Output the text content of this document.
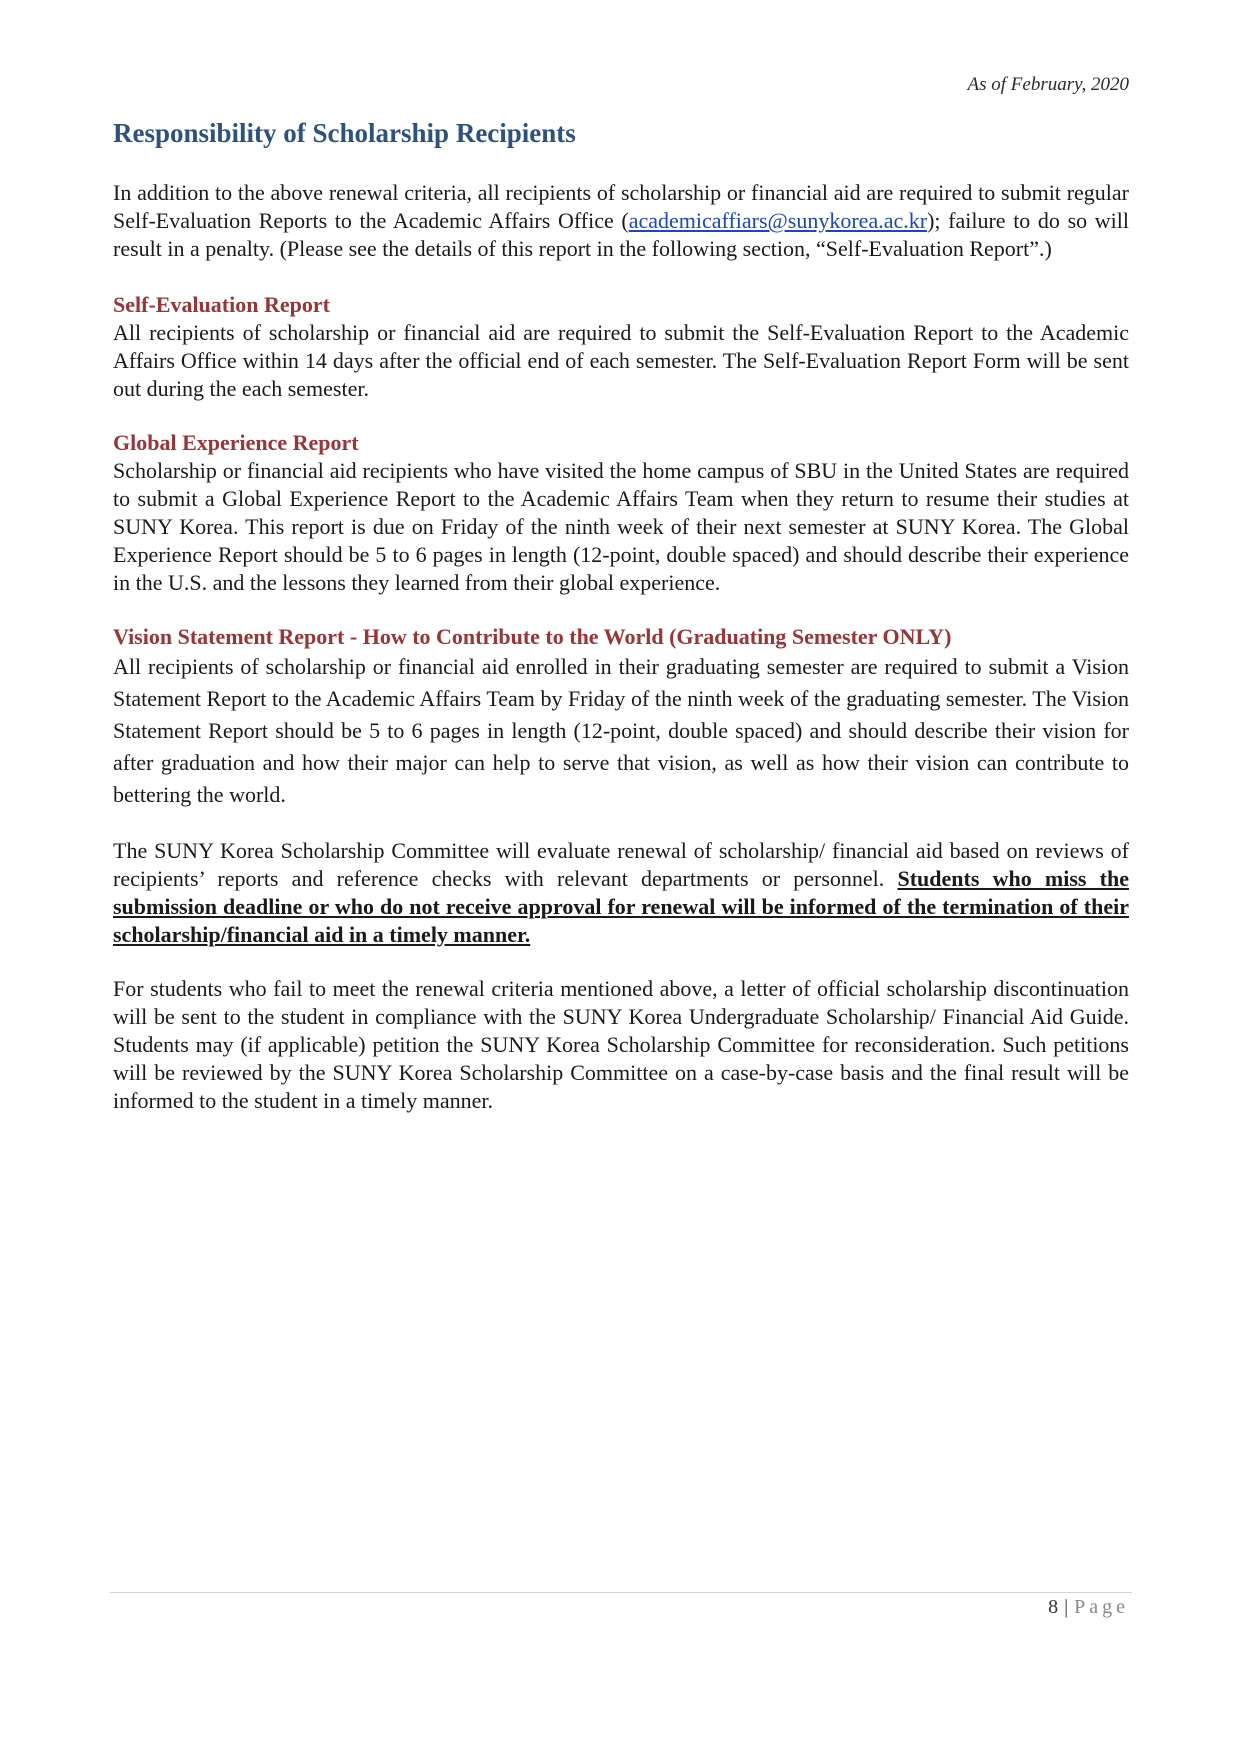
As of February, 2020
Responsibility of Scholarship Recipients

In addition to the above renewal criteria, all recipients of scholarship or financial aid are required to submit regular Self-Evaluation Reports to the Academic Affairs Office (academicaffiars@sunykorea.ac.kr); failure to do so will result in a penalty. (Please see the details of this report in the following section, “Self-Evaluation Report”.)

Self-Evaluation Report

All recipients of scholarship or financial aid are required to submit the Self-Evaluation Report to the Academic Affairs Office within 14 days after the official end of each semester. The Self-Evaluation Report Form will be sent out during the each semester.

Global Experience Report

Scholarship or financial aid recipients who have visited the home campus of SBU in the United States are required to submit a Global Experience Report to the Academic Affairs Team when they return to resume their studies at SUNY Korea. This report is due on Friday of the ninth week of their next semester at SUNY Korea. The Global Experience Report should be 5 to 6 pages in length (12-point, double spaced) and should describe their experience in the U.S. and the lessons they learned from their global experience.

Vision Statement Report - How to Contribute to the World (Graduating Semester ONLY)

All recipients of scholarship or financial aid enrolled in their graduating semester are required to submit a Vision Statement Report to the Academic Affairs Team by Friday of the ninth week of the graduating semester. The Vision Statement Report should be 5 to 6 pages in length (12-point, double spaced) and should describe their vision for after graduation and how their major can help to serve that vision, as well as how their vision can contribute to bettering the world.

The SUNY Korea Scholarship Committee will evaluate renewal of scholarship/ financial aid based on reviews of recipients’ reports and reference checks with relevant departments or personnel. Students who miss the submission deadline or who do not receive approval for renewal will be informed of the termination of their scholarship/financial aid in a timely manner.

For students who fail to meet the renewal criteria mentioned above, a letter of official scholarship discontinuation will be sent to the student in compliance with the SUNY Korea Undergraduate Scholarship/ Financial Aid Guide. Students may (if applicable) petition the SUNY Korea Scholarship Committee for reconsideration. Such petitions will be reviewed by the SUNY Korea Scholarship Committee on a case-by-case basis and the final result will be informed to the student in a timely manner.

8 | Page
